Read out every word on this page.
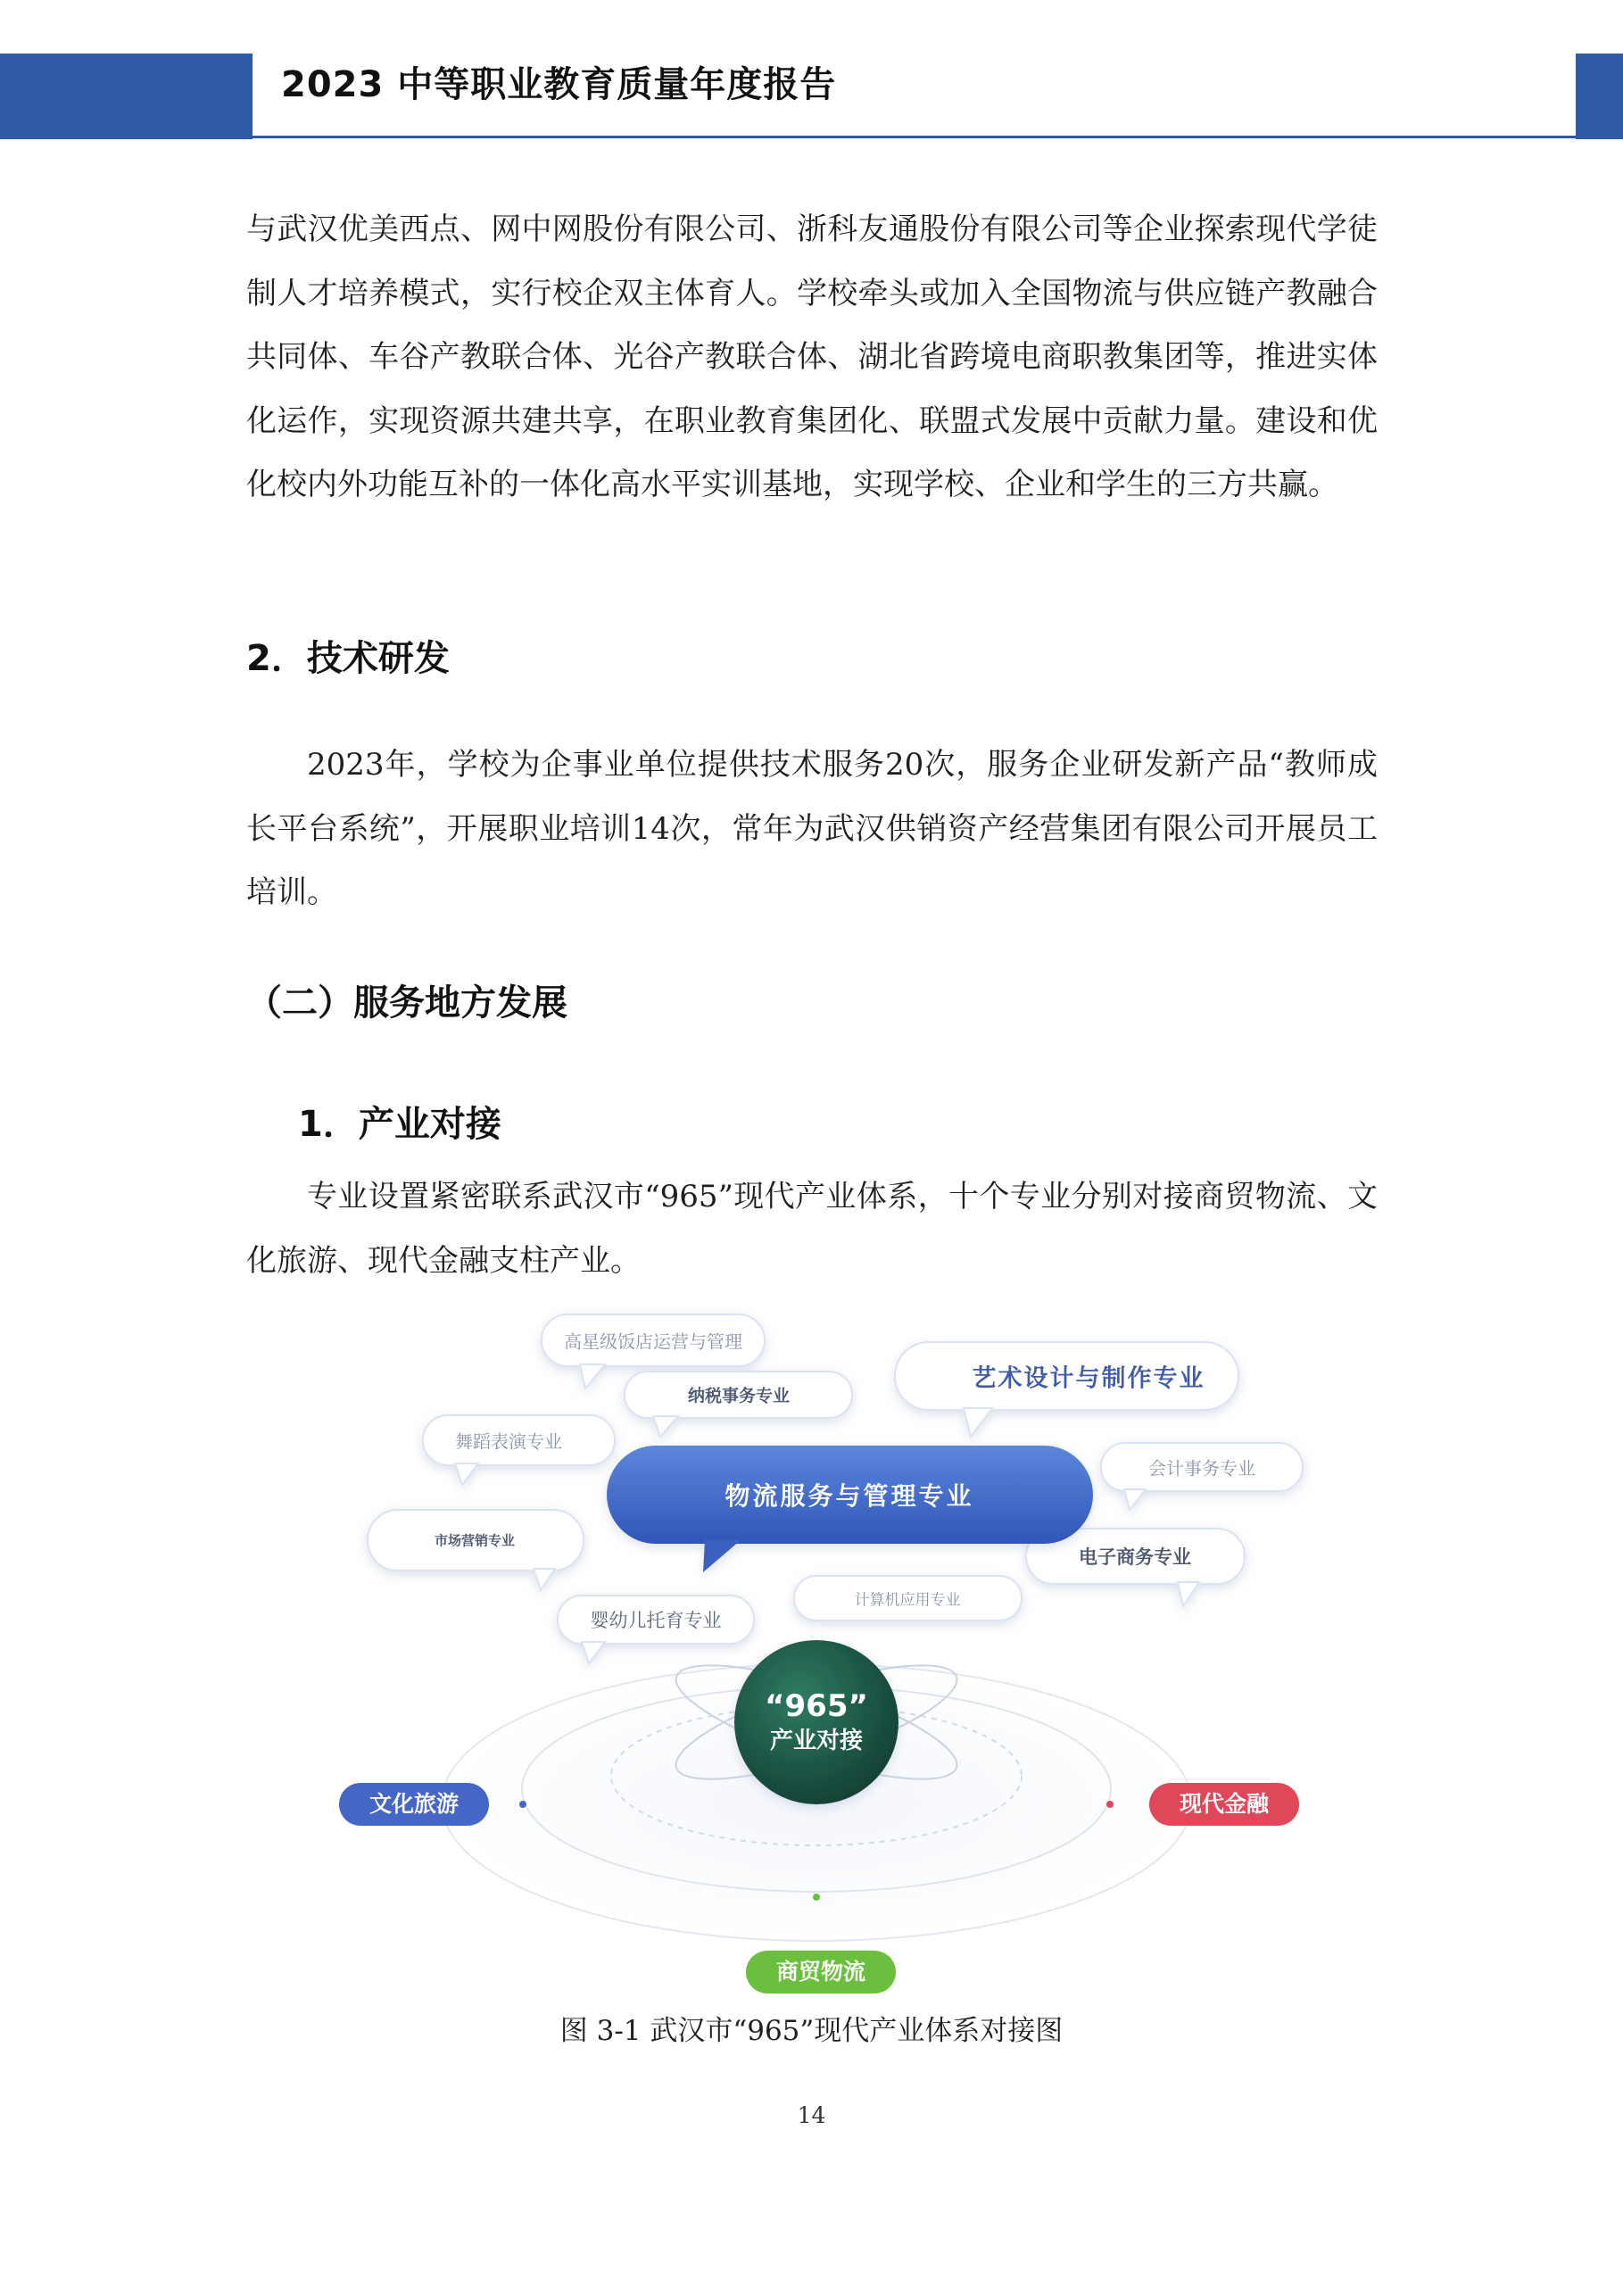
2023 中等职业教育质量年度报告

与武汉优美西点、网中网股份有限公司、浙科友通股份有限公司等企业探索现代学徒制人才培养模式，实行校企双主体育人。学校牵头或加入全国物流与供应链产教融合共同体、车谷产教联合体、光谷产教联合体、湖北省跨境电商职教集团等，推进实体化运作，实现资源共建共享，在职业教育集团化、联盟式发展中贡献力量。建设和优化校内外功能互补的一体化高水平实训基地，实现学校、企业和学生的三方共赢。

2．技术研发

2023年，学校为企事业单位提供技术服务20次，服务企业研发新产品“教师成长平台系统”，开展职业培训14次，常年为武汉供销资产经营集团有限公司开展员工培训。

（二）服务地方发展
1．产业对接

专业设置紧密联系武汉市“965”现代产业体系，十个专业分别对接商贸物流、文化旅游、现代金融支柱产业。

高星级饭店运营与管理
纳税事务专业
艺术设计与制作专业
舞蹈表演专业
物流服务与管理专业
会计事务专业
市场营销专业
电子商务专业
婴幼儿托育专业
计算机应用专业
“965”
产业对接
文化旅游	现代金融
商贸物流
图 3-1 武汉市“965”现代产业体系对接图
14
